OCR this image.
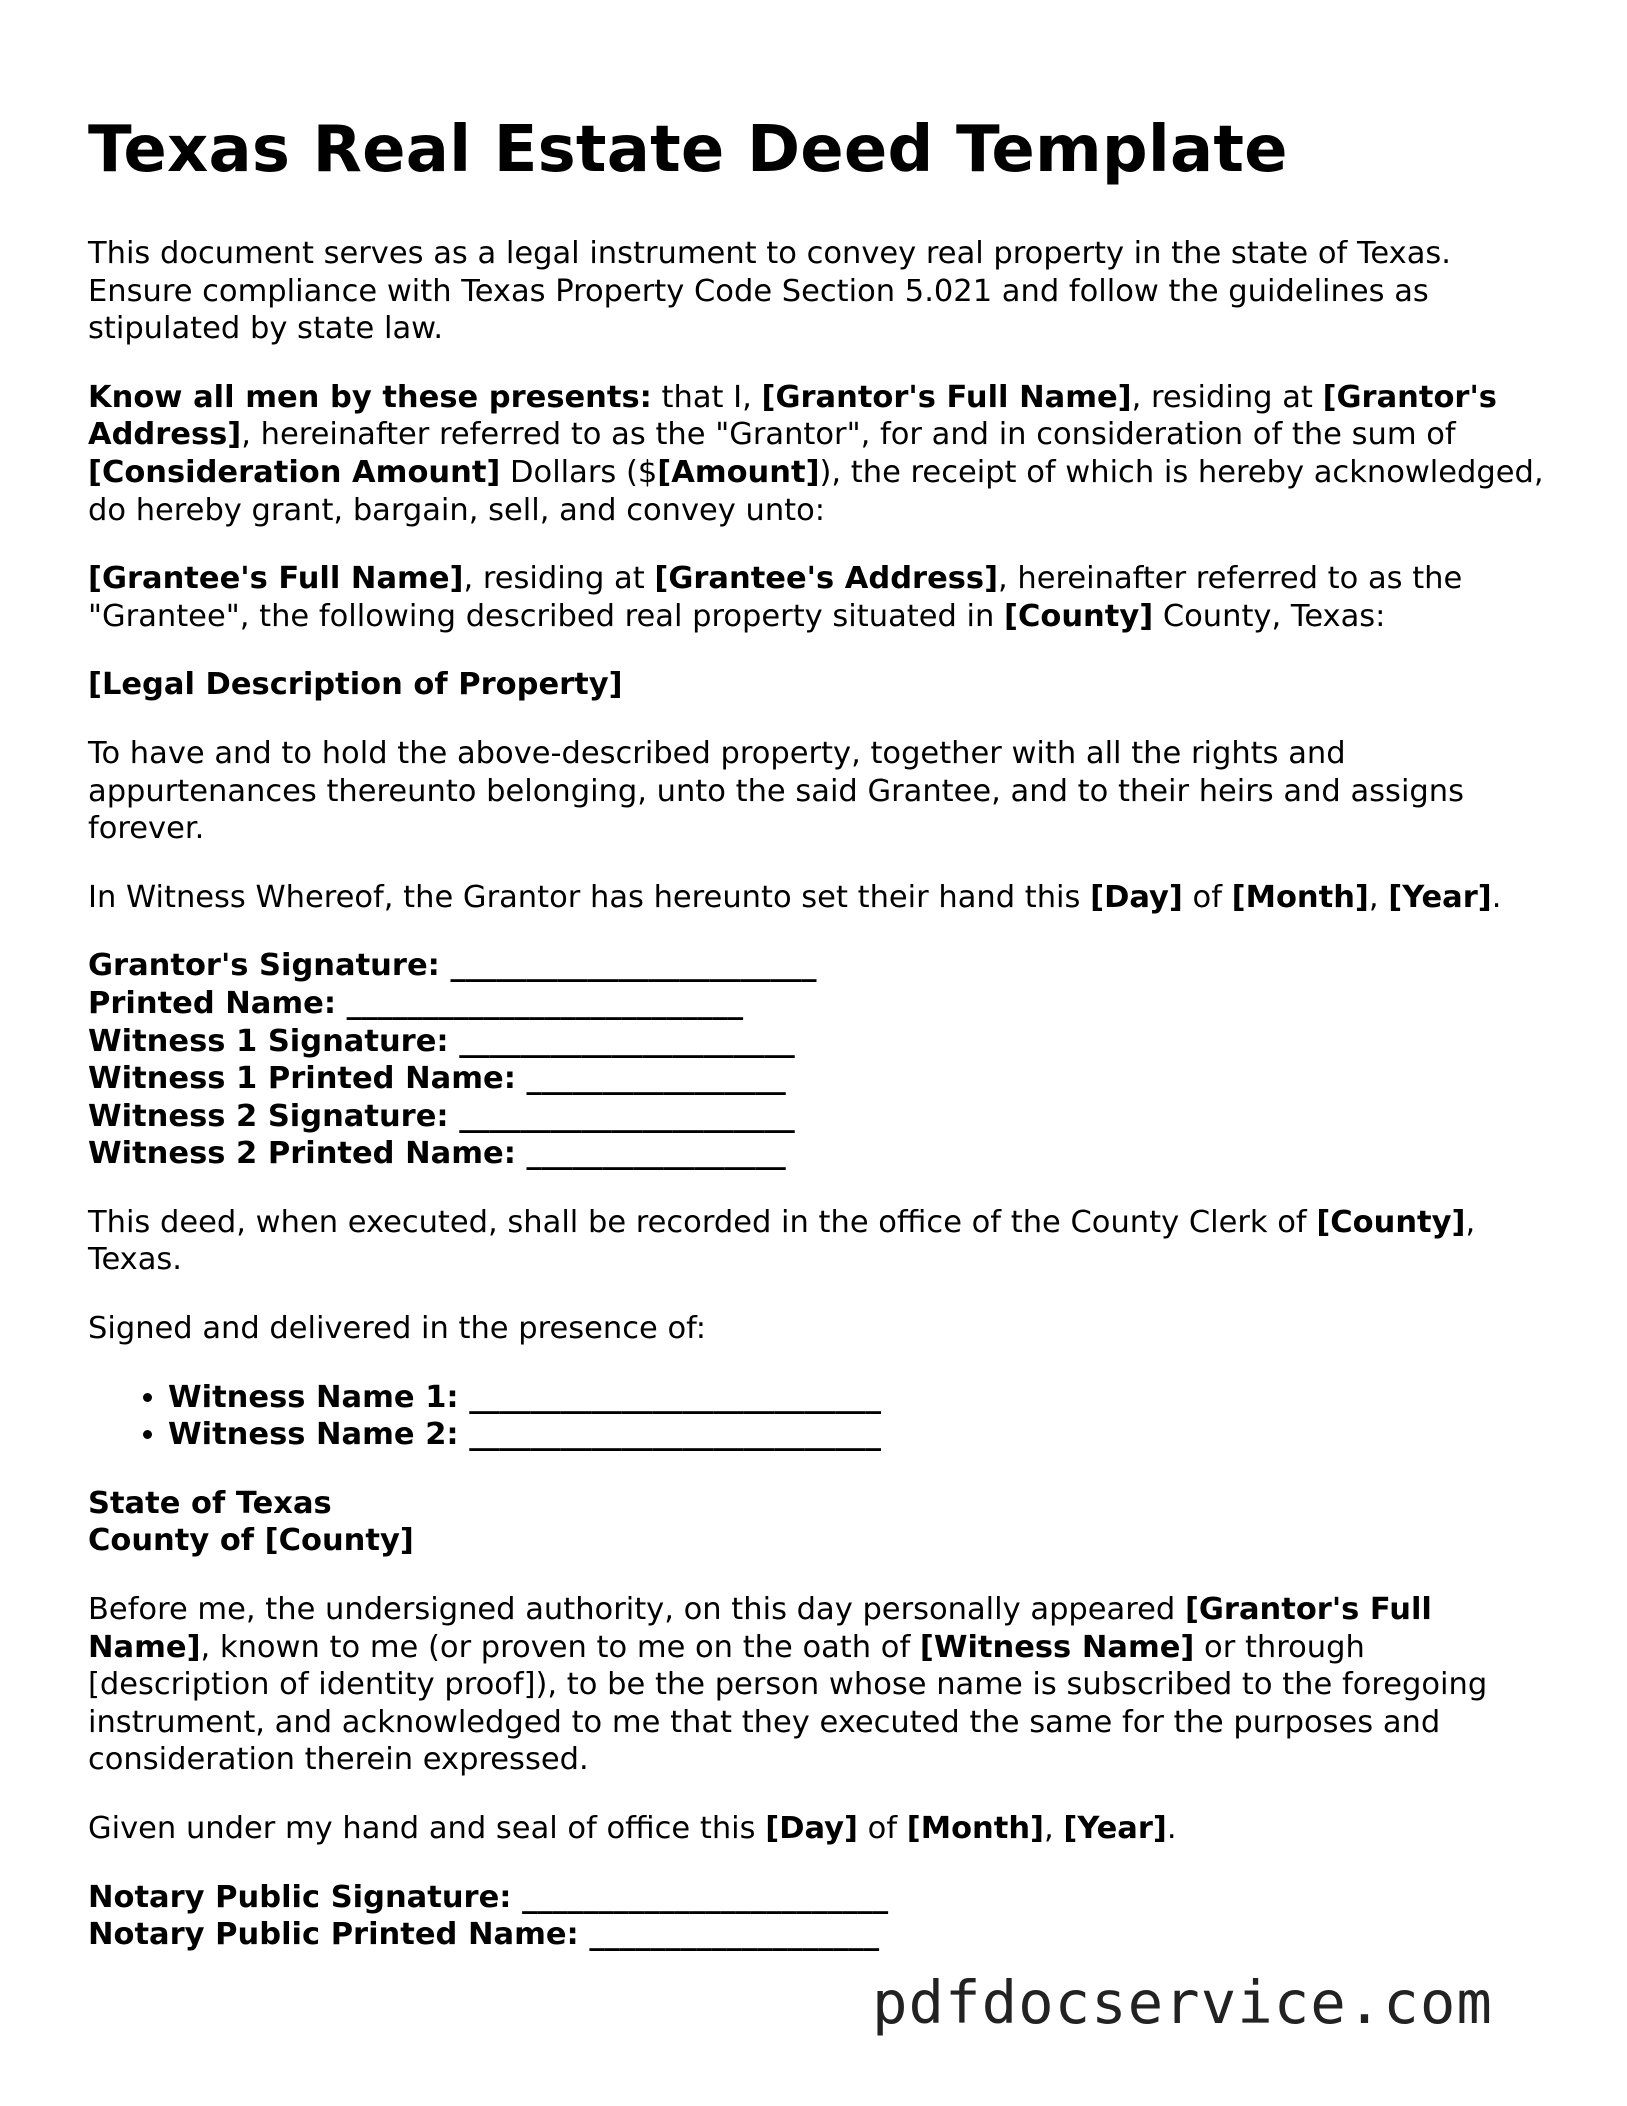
Texas Real Estate Deed Template

This document serves as a legal instrument to convey real property in the state of Texas. Ensure compliance with Texas Property Code Section 5.021 and follow the guidelines as stipulated by state law.

Know all men by these presents: that I, [Grantor's Full Name], residing at [Grantor's Address], hereinafter referred to as the "Grantor", for and in consideration of the sum of [Consideration Amount] Dollars ($[Amount]), the receipt of which is hereby acknowledged, do hereby grant, bargain, sell, and convey unto:

[Grantee's Full Name], residing at [Grantee's Address], hereinafter referred to as the "Grantee", the following described real property situated in [County] County, Texas:

[Legal Description of Property]

To have and to hold the above-described property, together with all the rights and appurtenances thereunto belonging, unto the said Grantee, and to their heirs and assigns forever.

In Witness Whereof, the Grantor has hereunto set their hand this [Day] of [Month], [Year].

Grantor's Signature: ________________________
Printed Name: __________________________
Witness 1 Signature: ______________________
Witness 1 Printed Name: _________________
Witness 2 Signature: ______________________
Witness 2 Printed Name: _________________

This deed, when executed, shall be recorded in the office of the County Clerk of [County], Texas.

Signed and delivered in the presence of:

• Witness Name 1: ___________________________
• Witness Name 2: ___________________________
State of Texas
County of [County]

Before me, the undersigned authority, on this day personally appeared [Grantor's Full Name], known to me (or proven to me on the oath of [Witness Name] or through [description of identity proof]), to be the person whose name is subscribed to the foregoing instrument, and acknowledged to me that they executed the same for the purposes and consideration therein expressed.

Given under my hand and seal of office this [Day] of [Month], [Year].

Notary Public Signature: ________________________
Notary Public Printed Name: ___________________
pdfdocservice.com
